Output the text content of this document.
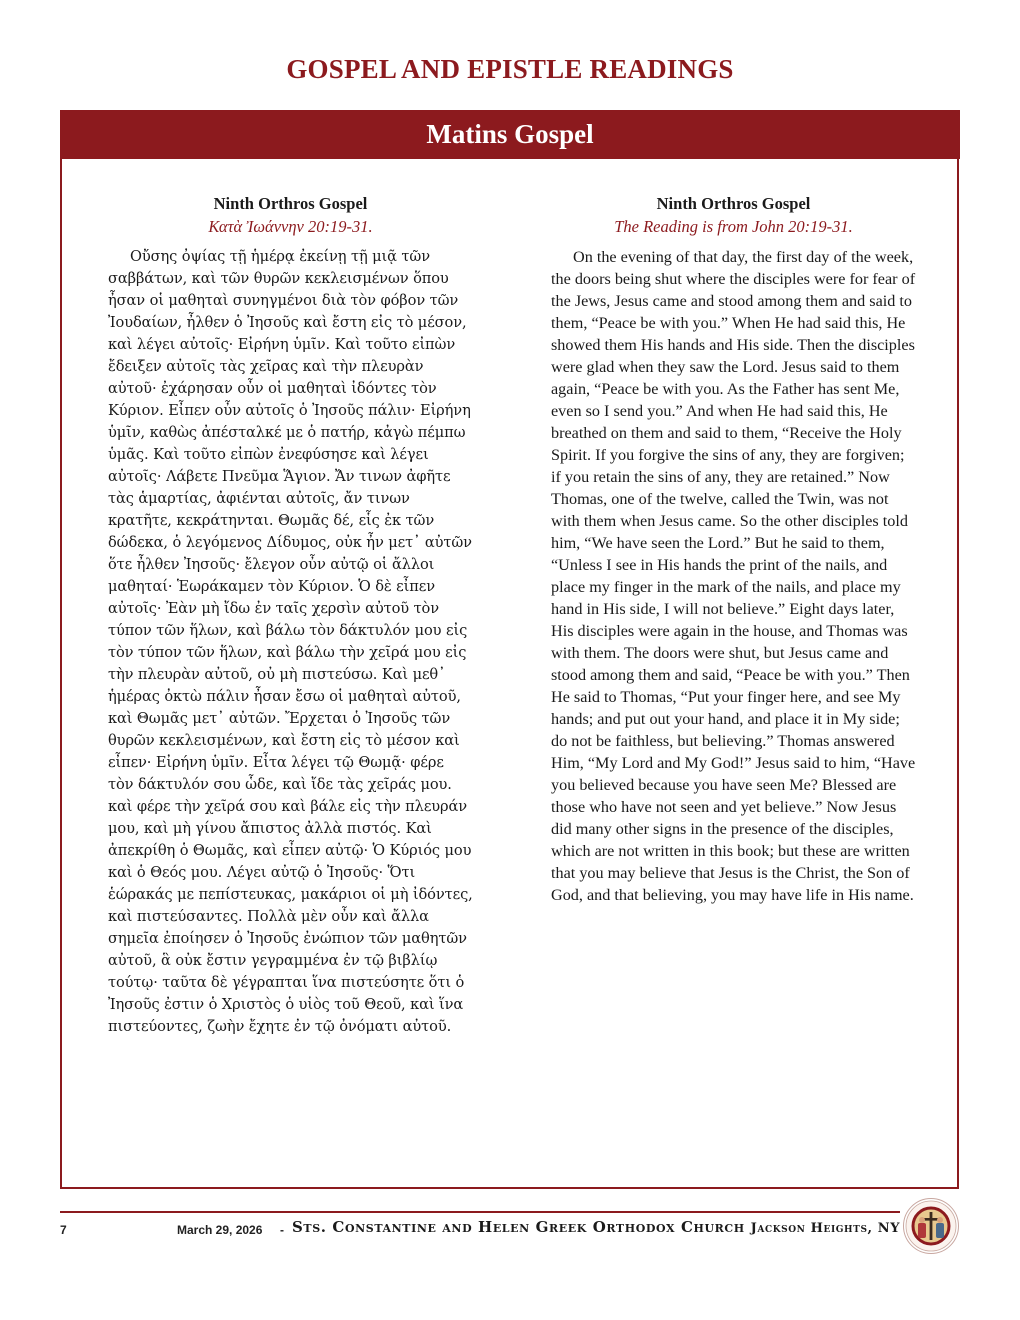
GOSPEL AND EPISTLE READINGS
Matins Gospel
Ninth Orthros Gospel
Κατὰ Ἰωάννην 20:19-31.

Οὔσης ὀψίας τῇ ἡμέρᾳ ἐκείνῃ τῇ μιᾷ τῶν σαββάτων, καὶ τῶν θυρῶν κεκλεισμένων ὅπου ἦσαν οἱ μαθηταὶ συνηγμένοι διὰ τὸν φόβον τῶν Ἰουδαίων, ἦλθεν ὁ Ἰησοῦς καὶ ἔστη εἰς τὸ μέσον, καὶ λέγει αὐτοῖς· Εἰρήνη ὑμῖν. Καὶ τοῦτο εἰπὼν ἔδειξεν αὐτοῖς τὰς χεῖρας καὶ τὴν πλευρὰν αὐτοῦ· ἐχάρησαν οὖν οἱ μαθηταὶ ἰδόντες τὸν Κύριον. Εἶπεν οὖν αὐτοῖς ὁ Ἰησοῦς πάλιν· Εἰρήνη ὑμῖν, καθὼς ἀπέσταλκέ με ὁ πατήρ, κἀγὼ πέμπω ὑμᾶς. Καὶ τοῦτο εἰπὼν ἐνεφύσησε καὶ λέγει αὐτοῖς· Λάβετε Πνεῦμα Ἅγιον. Ἄν τινων ἀφῆτε τὰς ἁμαρτίας, ἀφιένται αὐτοῖς, ἄν τινων κρατῆτε, κεκράτηνται. Θωμᾶς δέ, εἷς ἐκ τῶν δώδεκα, ὁ λεγόμενος Δίδυμος, οὐκ ἦν μετ᾽ αὐτῶν ὅτε ἦλθεν Ἰησοῦς· ἔλεγον οὖν αὐτῷ οἱ ἄλλοι μαθηταί· Ἑωράκαμεν τὸν Κύριον. Ὁ δὲ εἶπεν αὐτοῖς· Ἐὰν μὴ ἴδω ἐν ταῖς χερσὶν αὐτοῦ τὸν τύπον τῶν ἥλων, καὶ βάλω τὸν δάκτυλόν μου εἰς τὸν τύπον τῶν ἥλων, καὶ βάλω τὴν χεῖρά μου εἰς τὴν πλευρὰν αὐτοῦ, οὐ μὴ πιστεύσω. Καὶ μεθ᾽ ἡμέρας ὀκτὼ πάλιν ἦσαν ἔσω οἱ μαθηταὶ αὐτοῦ, καὶ Θωμᾶς μετ᾽ αὐτῶν. Ἔρχεται ὁ Ἰησοῦς τῶν θυρῶν κεκλεισμένων, καὶ ἔστη εἰς τὸ μέσον καὶ εἶπεν· Εἰρήνη ὑμῖν. Εἶτα λέγει τῷ Θωμᾷ· φέρε τὸν δάκτυλόν σου ὧδε, καὶ ἴδε τὰς χεῖράς μου. καὶ φέρε τὴν χεῖρά σου καὶ βάλε εἰς τὴν πλευράν μου, καὶ μὴ γίνου ἄπιστος ἀλλὰ πιστός. Καὶ ἀπεκρίθη ὁ Θωμᾶς, καὶ εἶπεν αὐτῷ· Ὁ Κύριός μου καὶ ὁ Θεός μου. Λέγει αὐτῷ ὁ Ἰησοῦς· Ὅτι ἑώρακάς με πεπίστευκας, μακάριοι οἱ μὴ ἰδόντες, καὶ πιστεύσαντες. Πολλὰ μὲν οὖν καὶ ἄλλα σημεῖα ἐποίησεν ὁ Ἰησοῦς ἐνώπιον τῶν μαθητῶν αὐτοῦ, ἃ οὐκ ἔστιν γεγραμμένα ἐν τῷ βιβλίῳ τούτῳ· ταῦτα δὲ γέγραπται ἵνα πιστεύσητε ὅτι ὁ Ἰησοῦς ἐστιν ὁ Χριστὸς ὁ υἱὸς τοῦ Θεοῦ, καὶ ἵνα πιστεύοντες, ζωὴν ἔχητε ἐν τῷ ὀνόματι αὐτοῦ.

Ninth Orthros Gospel
The Reading is from John 20:19-31.

On the evening of that day, the first day of the week, the doors being shut where the disciples were for fear of the Jews, Jesus came and stood among them and said to them, “Peace be with you.” When He had said this, He showed them His hands and His side. Then the disciples were glad when they saw the Lord. Jesus said to them again, “Peace be with you. As the Father has sent Me, even so I send you.” And when He had said this, He breathed on them and said to them, “Receive the Holy Spirit. If you forgive the sins of any, they are forgiven; if you retain the sins of any, they are retained.” Now Thomas, one of the twelve, called the Twin, was not with them when Jesus came. So the other disciples told him, “We have seen the Lord.” But he said to them, “Unless I see in His hands the print of the nails, and place my finger in the mark of the nails, and place my hand in His side, I will not believe.” Eight days later, His disciples were again in the house, and Thomas was with them. The doors were shut, but Jesus came and stood among them and said, “Peace be with you.” Then He said to Thomas, “Put your finger here, and see My hands; and put out your hand, and place it in My side; do not be faithless, but believing.” Thomas answered Him, “My Lord and My God!” Jesus said to him, “Have you believed because you have seen Me? Blessed are those who have not seen and yet believe.” Now Jesus did many other signs in the presence of the disciples, which are not written in this book; but these are written that you may believe that Jesus is the Christ, the Son of God, and that believing, you may have life in His name.

7	March 29, 2026 - Sts. Constantine and Helen Greek Orthodox Church Jackson Heights, NY
